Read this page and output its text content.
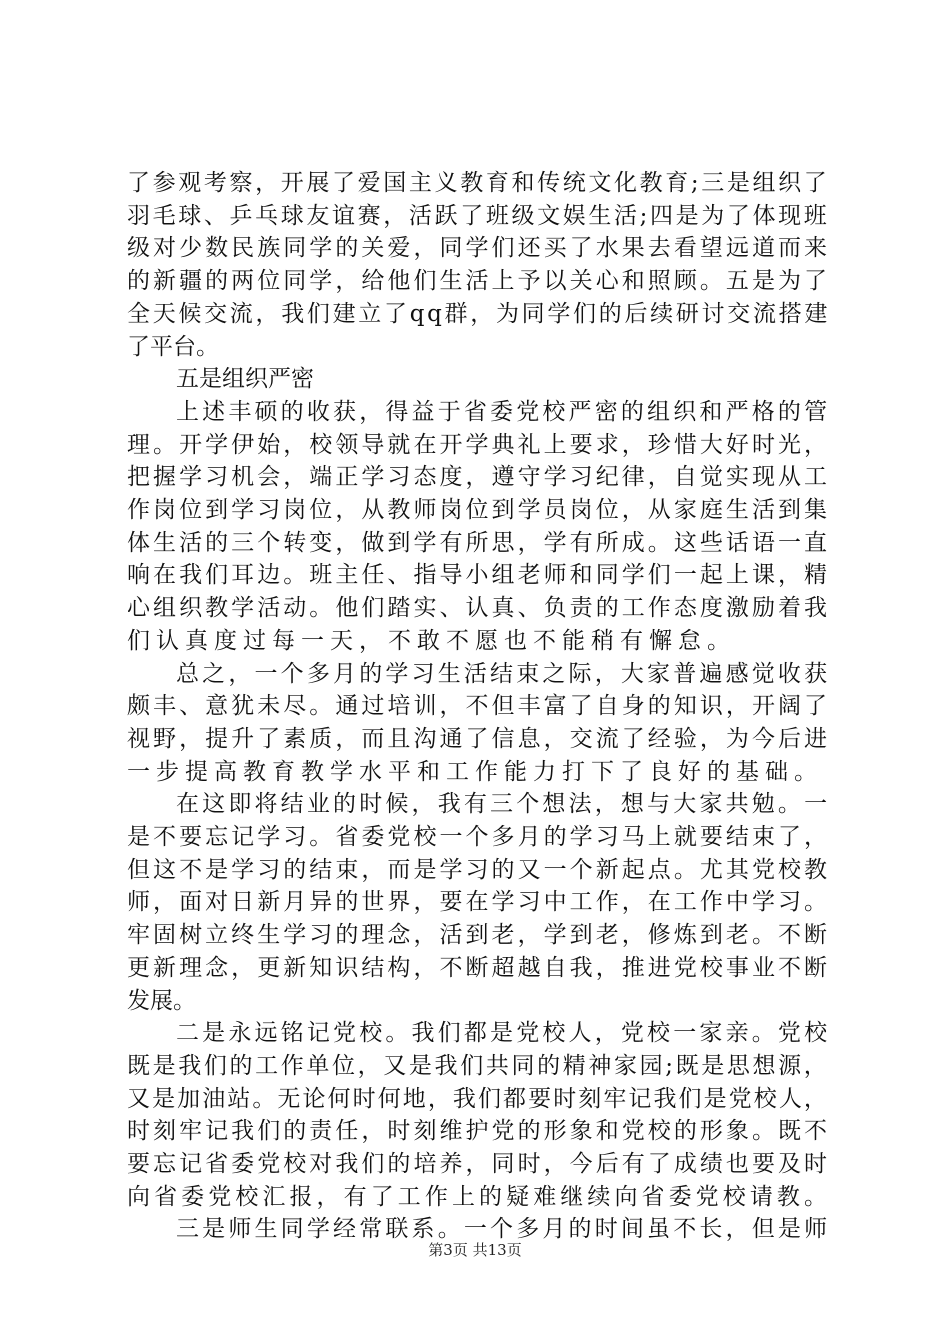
了参观考察，开展了爱国主义教育和传统文化教育;三是组织了
羽毛球、乒乓球友谊赛，活跃了班级文娱生活;四是为了体现班
级对少数民族同学的关爱，同学们还买了水果去看望远道而来
的新疆的两位同学，给他们生活上予以关心和照顾。五是为了
全天候交流，我们建立了qq群，为同学们的后续研讨交流搭建
了平台。
五是组织严密
上述丰硕的收获，得益于省委党校严密的组织和严格的管
理。开学伊始，校领导就在开学典礼上要求，珍惜大好时光，
把握学习机会，端正学习态度，遵守学习纪律，自觉实现从工
作岗位到学习岗位，从教师岗位到学员岗位，从家庭生活到集
体生活的三个转变，做到学有所思，学有所成。这些话语一直
响在我们耳边。班主任、指导小组老师和同学们一起上课，精
心组织教学活动。他们踏实、认真、负责的工作态度激励着我
们认真度过每一天，不敢不愿也不能稍有懈怠。
总之，一个多月的学习生活结束之际，大家普遍感觉收获
颇丰、意犹未尽。通过培训，不但丰富了自身的知识，开阔了
视野，提升了素质，而且沟通了信息，交流了经验，为今后进
一步提高教育教学水平和工作能力打下了良好的基础。
在这即将结业的时候，我有三个想法，想与大家共勉。一
是不要忘记学习。省委党校一个多月的学习马上就要结束了，
但这不是学习的结束，而是学习的又一个新起点。尤其党校教
师，面对日新月异的世界，要在学习中工作，在工作中学习。
牢固树立终生学习的理念，活到老，学到老，修炼到老。不断
更新理念，更新知识结构，不断超越自我，推进党校事业不断
发展。
二是永远铭记党校。我们都是党校人，党校一家亲。党校
既是我们的工作单位，又是我们共同的精神家园;既是思想源，
又是加油站。无论何时何地，我们都要时刻牢记我们是党校人，
时刻牢记我们的责任，时刻维护党的形象和党校的形象。既不
要忘记省委党校对我们的培养，同时，今后有了成绩也要及时
向省委党校汇报，有了工作上的疑难继续向省委党校请教。
三是师生同学经常联系。一个多月的时间虽不长，但是师
第3页 共13页
